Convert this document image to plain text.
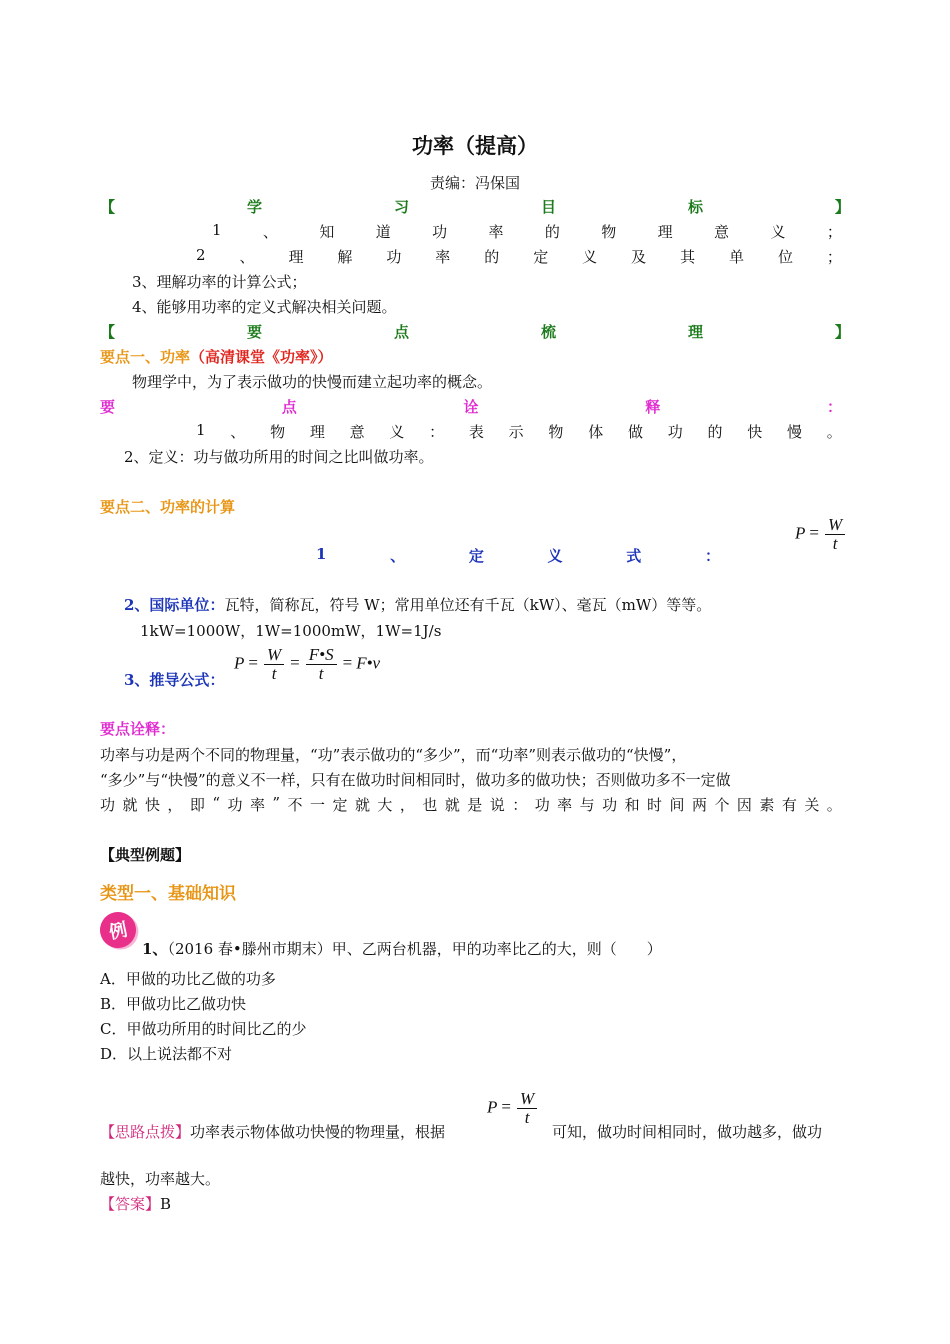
功率（提高）
责编：冯保国
【	学	习	目	标	】
1	、	知	道	功	率	的	物	理	意	义	；
2 、 理 解 功 率 的 定 义 及 其 单 位 ；
3、理解功率的计算公式；
4、能够用功率的定义式解决相关问题。
【	要	点	梳	理	】
要点一、功率（高清课堂《功率》）
物理学中，为了表示做功的快慢而建立起功率的概念。
要	点	诠	释	：
1 、 物 理 意 义 ： 表 示 物 体 做 功 的 快 慢 。
2、定义：功与做功所用的时间之比叫做功率。
要点二、功率的计算
1	、	定	义	式	：
$P = \frac{W}{t}$
2、国际单位：瓦特，简称瓦，符号 W；常用单位还有千瓦（kW）、毫瓦（mW）等等。
1kW=1000W，1W=1000mW，1W=1J/s
3、推导公式：
$P = \frac{W}{t} = \frac{F•S}{t}$ = F•v
要点诠释：
功率与功是两个不同的物理量，“功”表示做功的“多少”，而“功率”则表示做功的“快慢”，
“多少”与“快慢”的意义不一样，只有在做功时间相同时，做功多的做功快；否则做功多不一定做
功 就 快 ， 即 “ 功 率 ” 不 一 定 就 大 ， 也 就 是 说 ： 功 率 与 功 和 时 间 两 个 因 素 有 关 。
【典型例题】
类型一、基础知识
例
1、（2016 春•滕州市期末）甲、乙两台机器，甲的功率比乙的大，则（　　）
A．甲做的功比乙做的功多
B．甲做功比乙做功快
C．甲做功所用的时间比乙的少
D．以上说法都不对
【思路点拨】功率表示物体做功快慢的物理量，根据
$P = \frac{W}{t}$
可知，做功时间相同时，做功越多，做功
越快，功率越大。
【答案】B
